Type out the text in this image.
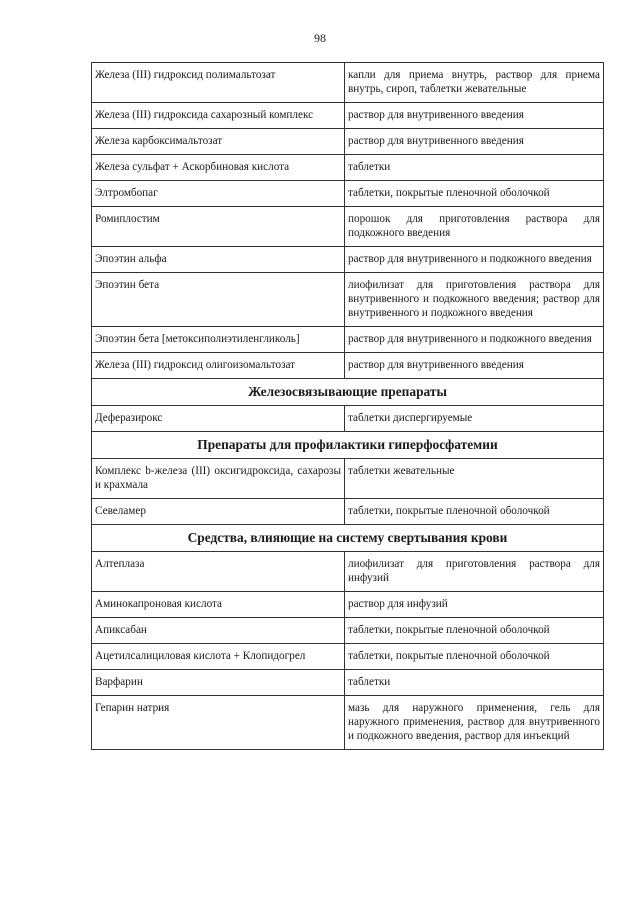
98
Железа (III) гидроксид полимальтозат	капли для приема внутрь, раствор для приема внутрь, сироп, таблетки жевательные
Железа (III) гидроксида сахарозный комплекс	раствор для внутривенного введения
Железа карбоксимальтозат	раствор для внутривенного введения
Железа сульфат + Аскорбиновая кислота	таблетки
Элтромбопаг	таблетки, покрытые пленочной оболочкой
Ромиплостим	порошок для приготовления раствора для подкожного введения
Эпоэтин альфа	раствор для внутривенного и подкожного введения
Эпоэтин бета	лиофилизат для приготовления раствора для внутривенного и подкожного введения; раствор для внутривенного и подкожного введения
Эпоэтин бета [метоксиполиэтиленгликоль]	раствор для внутривенного и подкожного введения
Железа (III) гидроксид олигоизомальтозат	раствор для внутривенного введения
Железосвязывающие препараты	
Деферазирокс	таблетки диспергируемые
Препараты для профилактики гиперфосфатемии	
Комплекс b-железа (III) оксигидроксида, сахарозы и крахмала	таблетки жевательные
Севеламер	таблетки, покрытые пленочной оболочкой
Средства, влияющие на систему свертывания крови	
Алтеплаза	лиофилизат для приготовления раствора для инфузий
Аминокапроновая кислота	раствор для инфузий
Апиксабан	таблетки, покрытые пленочной оболочкой
Ацетилсалициловая кислота + Клопидогрел	таблетки, покрытые пленочной оболочкой
Варфарин	таблетки
Гепарин натрия	мазь для наружного применения, гель для наружного применения, раствор для внутривенного и подкожного введения, раствор для инъекций
